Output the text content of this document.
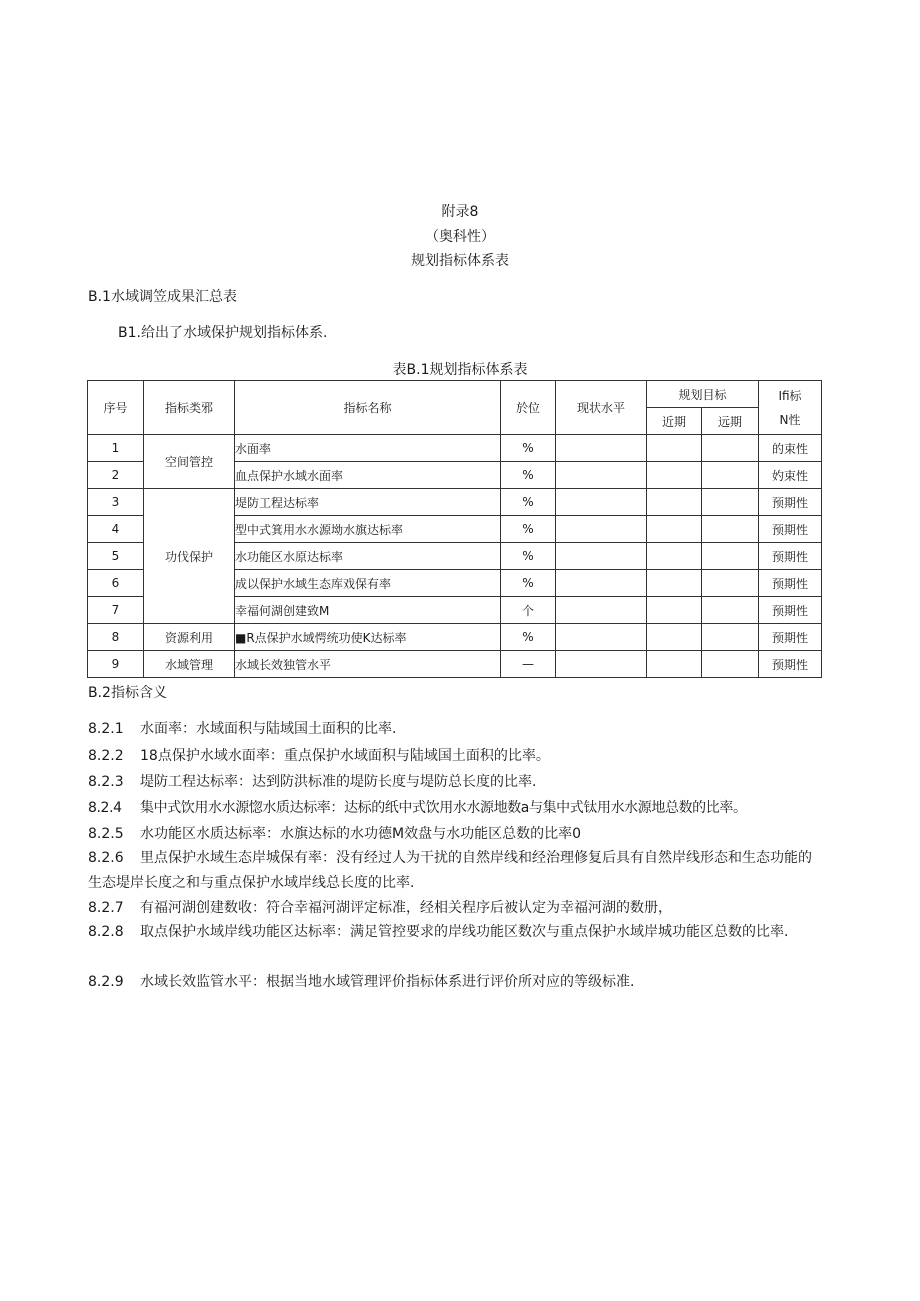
附录8
（奥科性）
规划指标体系表
B.1水域调笠成果汇总表
B1.给出了水域保护规划指标体系.
表B.1规划指标体系表
序号	指标类邪	指标名称	於位	现状水平	规划目标		Ifi标
N性

					近期	远期	
1	空间管控	水面率	%				的束性
2		血点保护水域水面率	%				妁束性
3	功伐保护	堤防工程达标率	%				预期性
4		型中式箕用水水源坳水旗达标率	%				预期性
5		水功能区水原达标率	%				预期性
6		成以保护水域生态库戏保有率	%				预期性
7		幸福何湖创建致M	个				预期性
8	资源利用	■R点保护水域愕统功使K达标率	%				预期性
9	水域管理	水域长效独管水平	—				预期性
B.2指标含义
8.2.1 水面率：水域面积与陆域国土面积的比率.
8.2.2 18点保护水域水面率：重点保护水域面积与陆域国土面积的比率。
8.2.3 堤防工程达标率：达到防洪标准的堤防长度与堤防总长度的比率.
8.2.4 集中式饮用水水源惚水质达标率：达标的纸中式饮用水水源地数a与集中式钛用水水源地总数的比率。
8.2.5 水功能区水质达标率：水旗达标的水功德M效盘与水功能区总数的比率0
8.2.6 里点保护水域生态岸城保有率：没有经过人为干扰的自然岸线和经治理修复后具有自然岸线形态和生态功能的生态堤岸长度之和与重点保护水域岸线总长度的比率.
8.2.7 有福河湖创建数收：符合幸福河湖评定标准，经相关程序后被认定为幸福河湖的数册，
8.2.8 取点保护水域岸线功能区达标率：满足管控要求的岸线功能区数次与重点保护水域岸城功能区总数的比率.
8.2.9 水域长效监管水平：根据当地水域管理评价指标体系进行评价所对应的等级标准.
